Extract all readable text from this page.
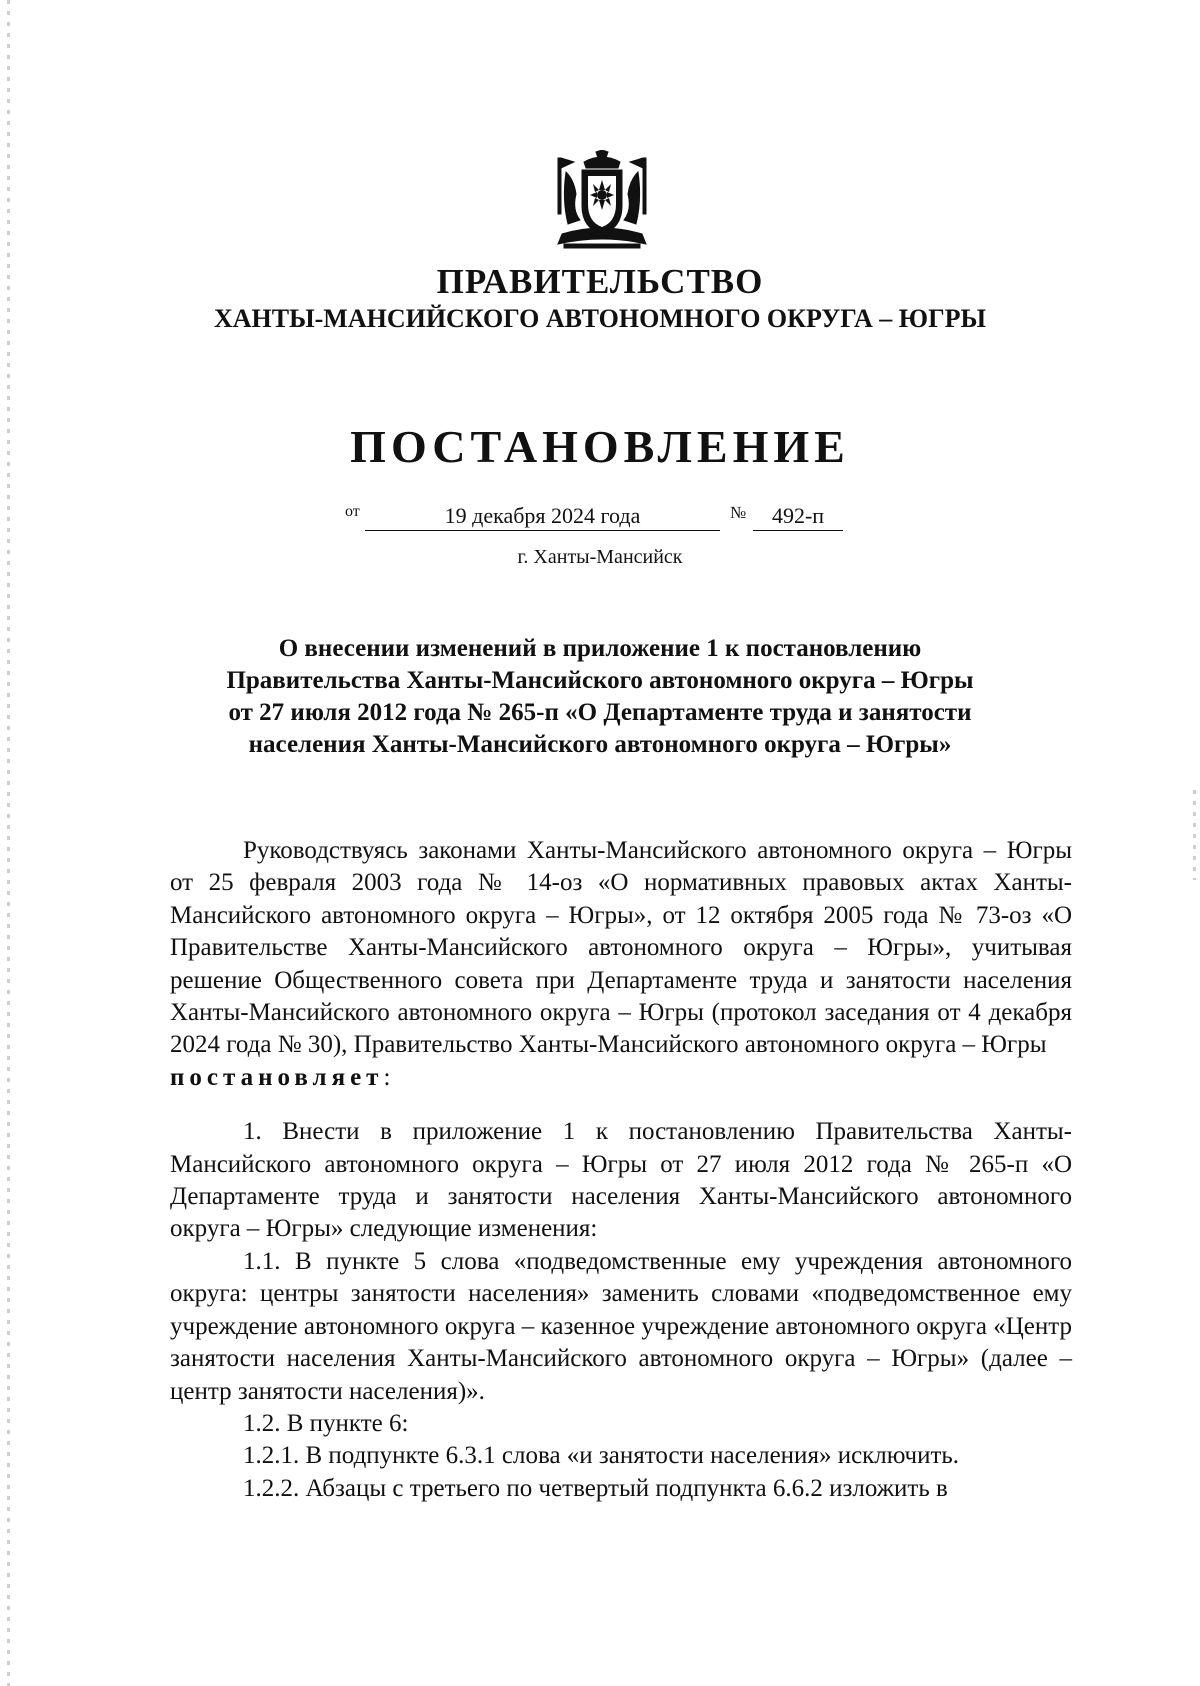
ПРАВИТЕЛЬСТВО
ХАНТЫ-МАНСИЙСКОГО АВТОНОМНОГО ОКРУГА – ЮГРЫ
ПОСТАНОВЛЕНИЕ
от	19 декабря 2024 года	№	492-п
г. Ханты-Мансийск
О внесении изменений в приложение 1 к постановлению
Правительства Ханты-Мансийского автономного округа – Югры
от 27 июля 2012 года № 265-п «О Департаменте труда и занятости
населения Ханты-Мансийского автономного округа – Югры»

Руководствуясь законами Ханты-Мансийского автономного округа – Югры от 25 февраля 2003 года № 14-оз «О нормативных правовых актах Ханты-Мансийского автономного округа – Югры», от 12 октября 2005 года № 73-оз «О Правительстве Ханты-Мансийского автономного округа – Югры», учитывая решение Общественного совета при Департаменте труда и занятости населения Ханты-Мансийского автономного округа – Югры (протокол заседания от 4 декабря 2024 года № 30), Правительство Ханты-Мансийского автономного округа – Югры

постановляет:

1. Внести в приложение 1 к постановлению Правительства Ханты-Мансийского автономного округа – Югры от 27 июля 2012 года № 265-п «О Департаменте труда и занятости населения Ханты-Мансийского автономного округа – Югры» следующие изменения:

1.1. В пункте 5 слова «подведомственные ему учреждения автономного округа: центры занятости населения» заменить словами «подведомственное ему учреждение автономного округа – казенное учреждение автономного округа «Центр занятости населения Ханты-Мансийского автономного округа – Югры» (далее – центр занятости населения)».

1.2. В пункте 6:

1.2.1. В подпункте 6.3.1 слова «и занятости населения» исключить.

1.2.2. Абзацы с третьего по четвертый подпункта 6.6.2 изложить в
